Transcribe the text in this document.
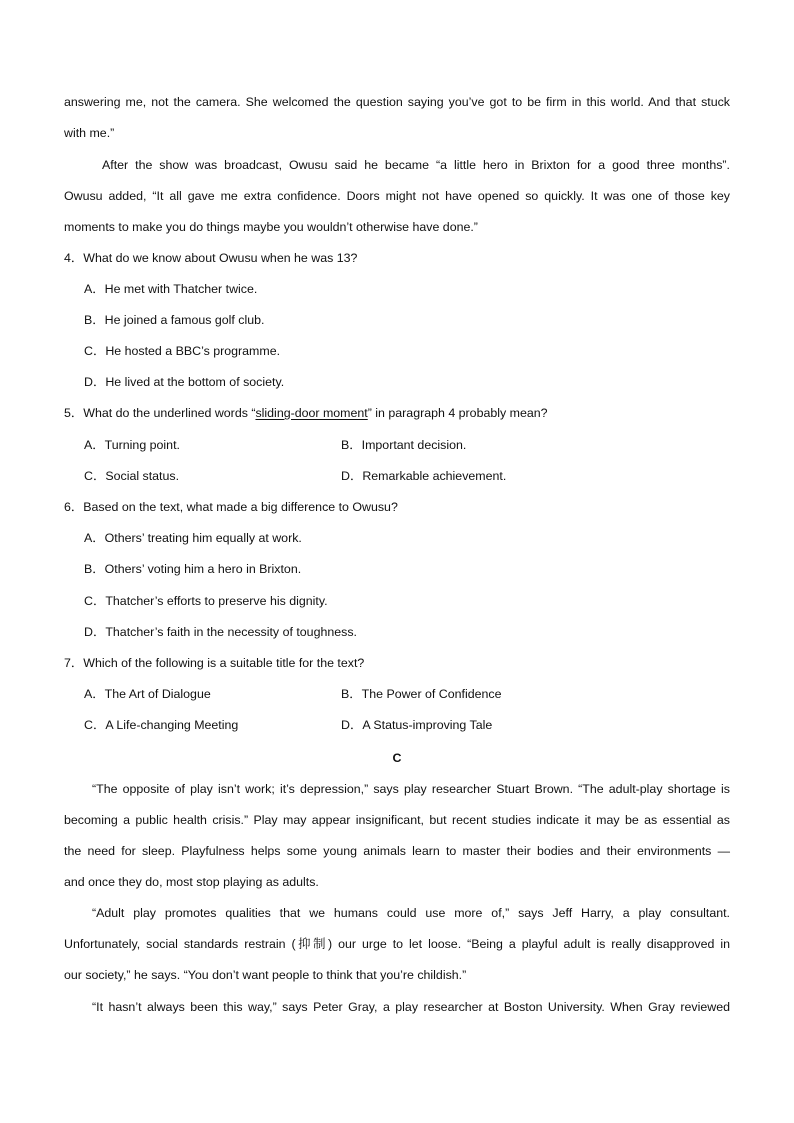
answering me, not the camera. She welcomed the question saying you’ve got to be firm in this world. And that stuck
with me.”
After the show was broadcast, Owusu said he became “a little hero in Brixton for a good three months”.
Owusu added, “It all gave me extra confidence. Doors might not have opened so quickly. It was one of those key
moments to make you do things maybe you wouldn’t otherwise have done.”
4．What do we know about Owusu when he was 13?
A．He met with Thatcher twice.
B．He joined a famous golf club.
C．He hosted a BBC’s programme.
D．He lived at the bottom of society.
5．What do the underlined words “sliding-door moment” in paragraph 4 probably mean?
A．Turning point.	B．Important decision.
C．Social status.	D．Remarkable achievement.
6．Based on the text, what made a big difference to Owusu?
A．Others’ treating him equally at work.
B．Others’ voting him a hero in Brixton.
C．Thatcher’s efforts to preserve his dignity.
D．Thatcher’s faith in the necessity of toughness.
7．Which of the following is a suitable title for the text?
A．The Art of Dialogue	B．The Power of Confidence
C．A Life-changing Meeting	D．A Status-improving Tale
C
“The opposite of play isn’t work; it’s depression,” says play researcher Stuart Brown. “The adult-play shortage is
becoming a public health crisis.” Play may appear insignificant, but recent studies indicate it may be as essential as
the need for sleep. Playfulness helps some young animals learn to master their bodies and their environments —
and once they do, most stop playing as adults.
“Adult play promotes qualities that we humans could use more of,” says Jeff Harry, a play consultant.
Unfortunately, social standards restrain (抑制) our urge to let loose. “Being a playful adult is really disapproved in
our society,” he says. “You don’t want people to think that you’re childish.”
“It hasn’t always been this way,” says Peter Gray, a play researcher at Boston University. When Gray reviewed
